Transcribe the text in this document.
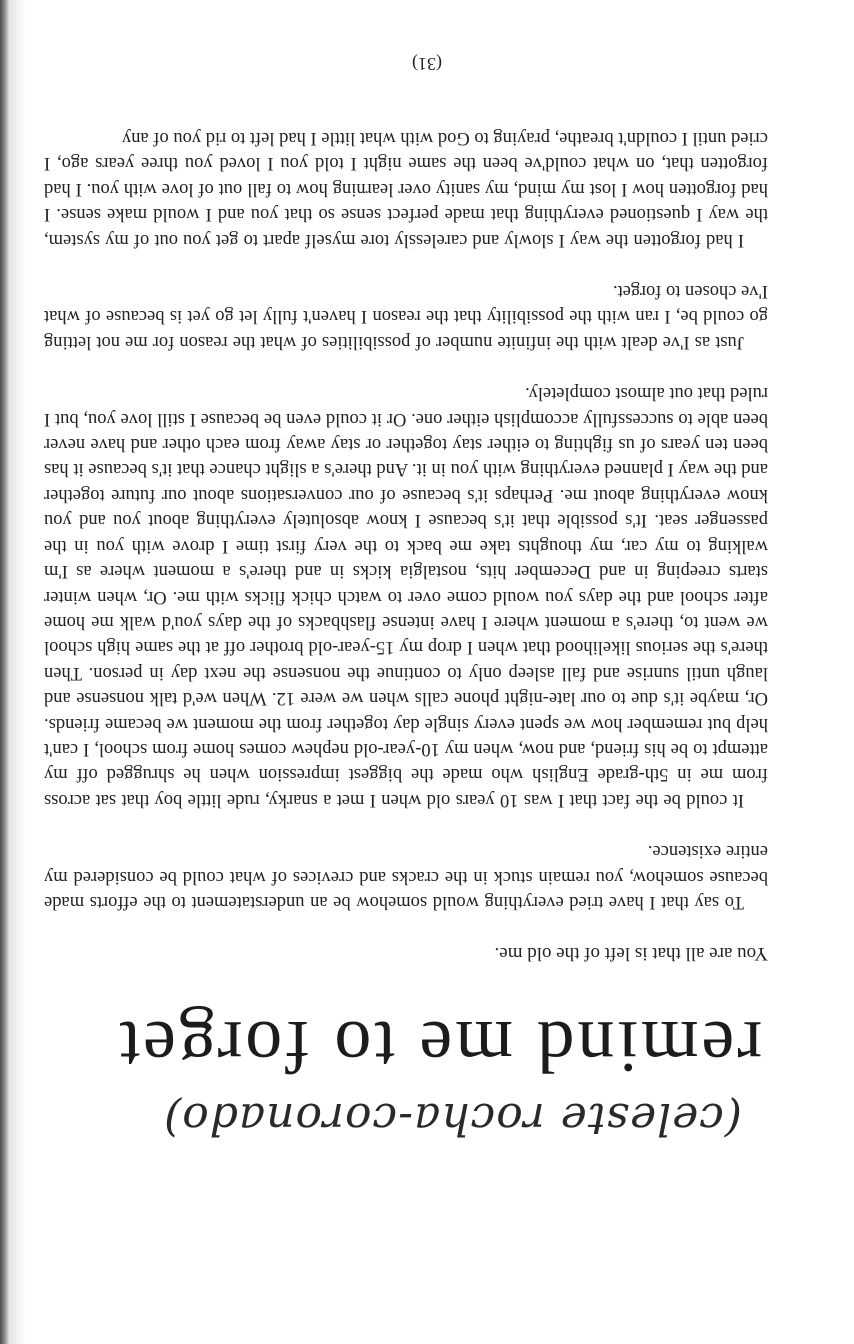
(celeste rocha-coronado)
remind me to forget

You are all that is left of the old me.

To say that I have tried everything would somehow be an understatement to the efforts made because somehow, you remain stuck in the cracks and crevices of what could be considered my entire existence.

It could be the fact that I was 10 years old when I met a snarky, rude little boy that sat across from me in 5th-grade English who made the biggest impression when he shrugged off my attempt to be his friend, and now, when my 10-year-old nephew comes home from school, I can't help but remember how we spent every single day together from the moment we became friends. Or, maybe it's due to our late-night phone calls when we were 12. When we'd talk nonsense and laugh until sunrise and fall asleep only to continue the nonsense the next day in person. Then there's the serious likelihood that when I drop my 15-year-old brother off at the same high school we went to, there's a moment where I have intense flashbacks of the days you'd walk me home after school and the days you would come over to watch chick flicks with me. Or, when winter starts creeping in and December hits, nostalgia kicks in and there's a moment where as I'm walking to my car, my thoughts take me back to the very first time I drove with you in the passenger seat. It's possible that it's because I know absolutely everything about you and you know everything about me. Perhaps it's because of our conversations about our future together and the way I planned everything with you in it. And there's a slight chance that it's because it has been ten years of us fighting to either stay together or stay away from each other and have never been able to successfully accomplish either one. Or it could even be because I still love you, but I ruled that out almost completely.

Just as I've dealt with the infinite number of possibilities of what the reason for me not letting go could be, I ran with the possibility that the reason I haven't fully let go yet is because of what I've chosen to forget.

I had forgotten the way I slowly and carelessly tore myself apart to get you out of my system, the way I questioned everything that made perfect sense so that you and I would make sense. I had forgotten how I lost my mind, my sanity over learning how to fall out of love with you. I had forgotten that, on what could've been the same night I told you I loved you three years ago, I cried until I couldn't breathe, praying to God with what little I had left to rid you of any

(31)
